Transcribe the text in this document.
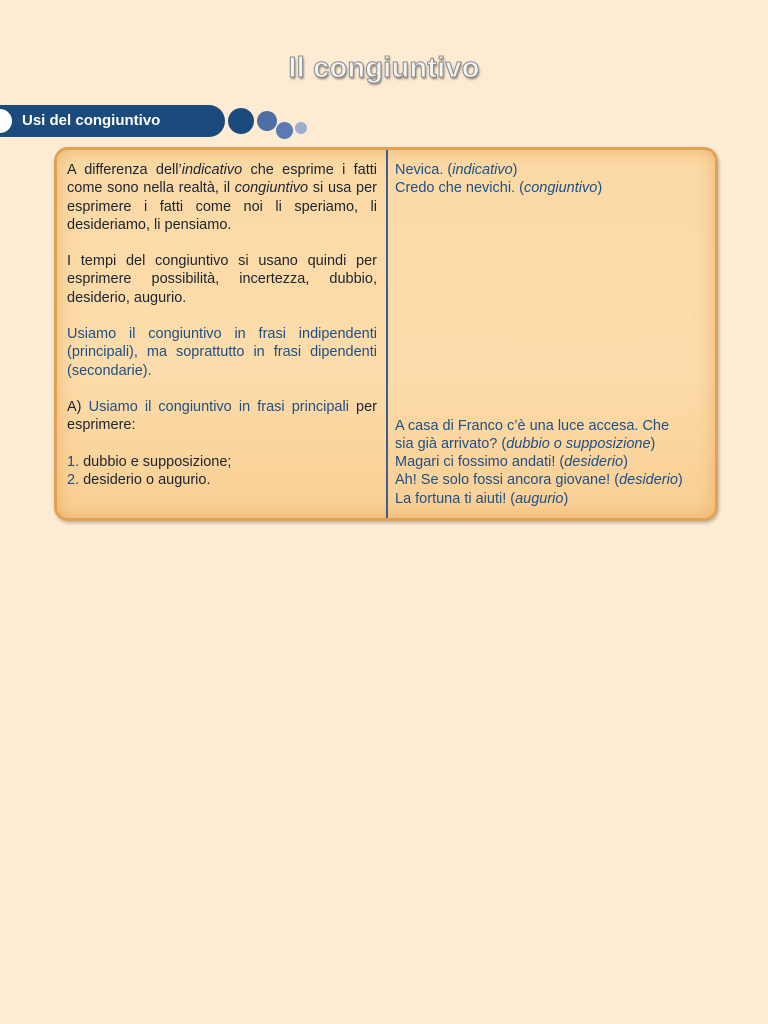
Il congiuntivo
Usi del congiuntivo

A differenza dell’indicativo che esprime i fatti come sono nella realtà, il congiuntivo si usa per esprimere i fatti come noi li speriamo, li desideriamo, li pensiamo.

I tempi del congiuntivo si usano quindi per esprimere possibilità, incertezza, dubbio, desiderio, augurio.

Usiamo il congiuntivo in frasi indipendenti (principali), ma soprattutto in frasi dipendenti (secondarie).

A) Usiamo il congiuntivo in frasi principali per esprimere:

1. dubbio e supposizione;
2. desiderio o augurio.
Nevica. (indicativo)
Credo che nevichi. (congiuntivo)
A casa di Franco c’è una luce accesa. Che
sia già arrivato? (dubbio o supposizione)
Magari ci fossimo andati! (desiderio)
Ah! Se solo fossi ancora giovane! (desiderio)
La fortuna ti aiuti! (augurio)
